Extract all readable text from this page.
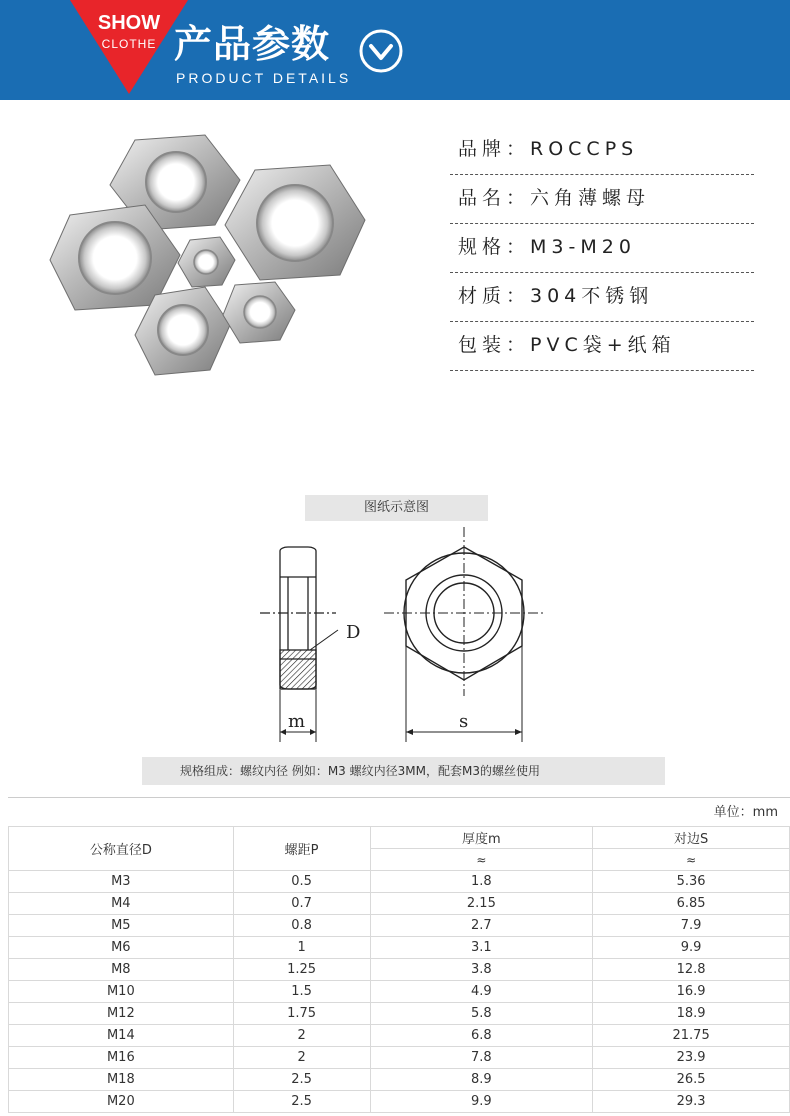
SHOW
CLOTHE 产品参数
PRODUCT DETAILS
品牌：ROCCPS
品名：六角薄螺母
规格：M3-M20
材质：304不锈钢
包装：PVC袋+纸箱
图纸示意图
D
m	s
规格组成：螺纹内径 例如：M3 螺纹内径3MM，配套M3的螺丝使用
单位：mm
公称直径D	螺距P	厚度m	对边S
		≈	≈
M3	0.5	1.8	5.36
M4	0.7	2.15	6.85
M5	0.8	2.7	7.9
M6	1	3.1	9.9
M8	1.25	3.8	12.8
M10	1.5	4.9	16.9
M12	1.75	5.8	18.9
M14	2	6.8	21.75
M16	2	7.8	23.9
M18	2.5	8.9	26.5
M20	2.5	9.9	29.3
